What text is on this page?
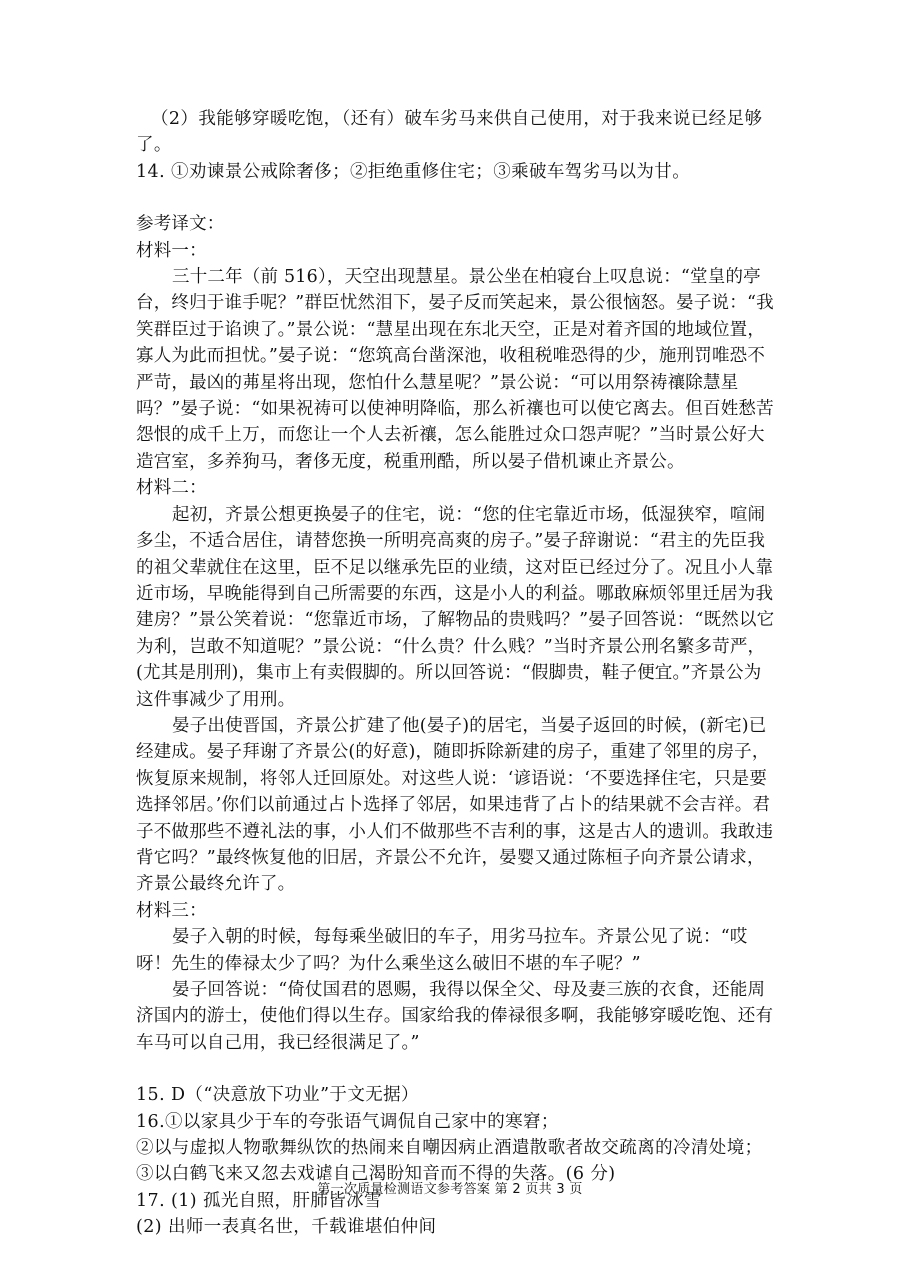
（2）我能够穿暖吃饱，（还有）破车劣马来供自己使用，对于我来说已经足够了。

14. ①劝谏景公戒除奢侈；②拒绝重修住宅；③乘破车驾劣马以为甘。

参考译文：

材料一：

三十二年（前 516），天空出现慧星。景公坐在柏寝台上叹息说：“堂皇的亭台，终归于谁手呢？”群臣忧然泪下，晏子反而笑起来，景公很恼怒。晏子说：“我笑群臣过于谄谀了。”景公说：“慧星出现在东北天空，正是对着齐国的地域位置，寡人为此而担忧。”晏子说：“您筑高台凿深池，收租税唯恐得的少，施刑罚唯恐不严苛，最凶的茀星将出现，您怕什么慧星呢？”景公说：“可以用祭祷禳除慧星吗？”晏子说：“如果祝祷可以使神明降临，那么祈禳也可以使它离去。但百姓愁苦怨恨的成千上万，而您让一个人去祈禳，怎么能胜过众口怨声呢？”当时景公好大造宫室，多养狗马，奢侈无度，税重刑酷，所以晏子借机谏止齐景公。

材料二：

起初，齐景公想更换晏子的住宅，说：“您的住宅靠近市场，低湿狭窄，喧闹多尘，不适合居住，请替您换一所明亮高爽的房子。”晏子辞谢说：“君主的先臣我的祖父辈就住在这里，臣不足以继承先臣的业绩，这对臣已经过分了。况且小人靠近市场，早晚能得到自己所需要的东西，这是小人的利益。哪敢麻烦邻里迁居为我建房？”景公笑着说：“您靠近市场，了解物品的贵贱吗？”晏子回答说：“既然以它为利，岂敢不知道呢？”景公说：“什么贵？什么贱？”当时齐景公刑名繁多苛严，(尤其是刖刑)，集市上有卖假脚的。所以回答说：“假脚贵，鞋子便宜。”齐景公为这件事减少了用刑。

晏子出使晋国，齐景公扩建了他(晏子)的居宅，当晏子返回的时候，(新宅)已经建成。晏子拜谢了齐景公(的好意)，随即拆除新建的房子，重建了邻里的房子，恢复原来规制，将邻人迁回原处。对这些人说：‘谚语说：‘不要选择住宅，只是要选择邻居。’你们以前通过占卜选择了邻居，如果违背了占卜的结果就不会吉祥。君子不做那些不遵礼法的事，小人们不做那些不吉利的事，这是古人的遗训。我敢违背它吗？”最终恢复他的旧居，齐景公不允许，晏婴又通过陈桓子向齐景公请求，齐景公最终允许了。

材料三：

晏子入朝的时候，每每乘坐破旧的车子，用劣马拉车。齐景公见了说：“哎呀！先生的俸禄太少了吗？为什么乘坐这么破旧不堪的车子呢？”

晏子回答说：“倚仗国君的恩赐，我得以保全父、母及妻三族的衣食，还能周济国内的游士，使他们得以生存。国家给我的俸禄很多啊，我能够穿暖吃饱、还有车马可以自己用，我已经很满足了。”

15. D（“决意放下功业”于文无据）

16.①以家具少于车的夸张语气调侃自己家中的寒窘；

②以与虚拟人物歌舞纵饮的热闹来自嘲因病止酒遣散歌者故交疏离的冷清处境；

③以白鹤飞来又忽去戏谑自己渴盼知音而不得的失落。(6 分)

17. (1) 孤光自照，肝肺皆冰雪

(2) 出师一表真名世，千载谁堪伯仲间

第一次质量检测语文参考答案 第 2 页共 3 页
